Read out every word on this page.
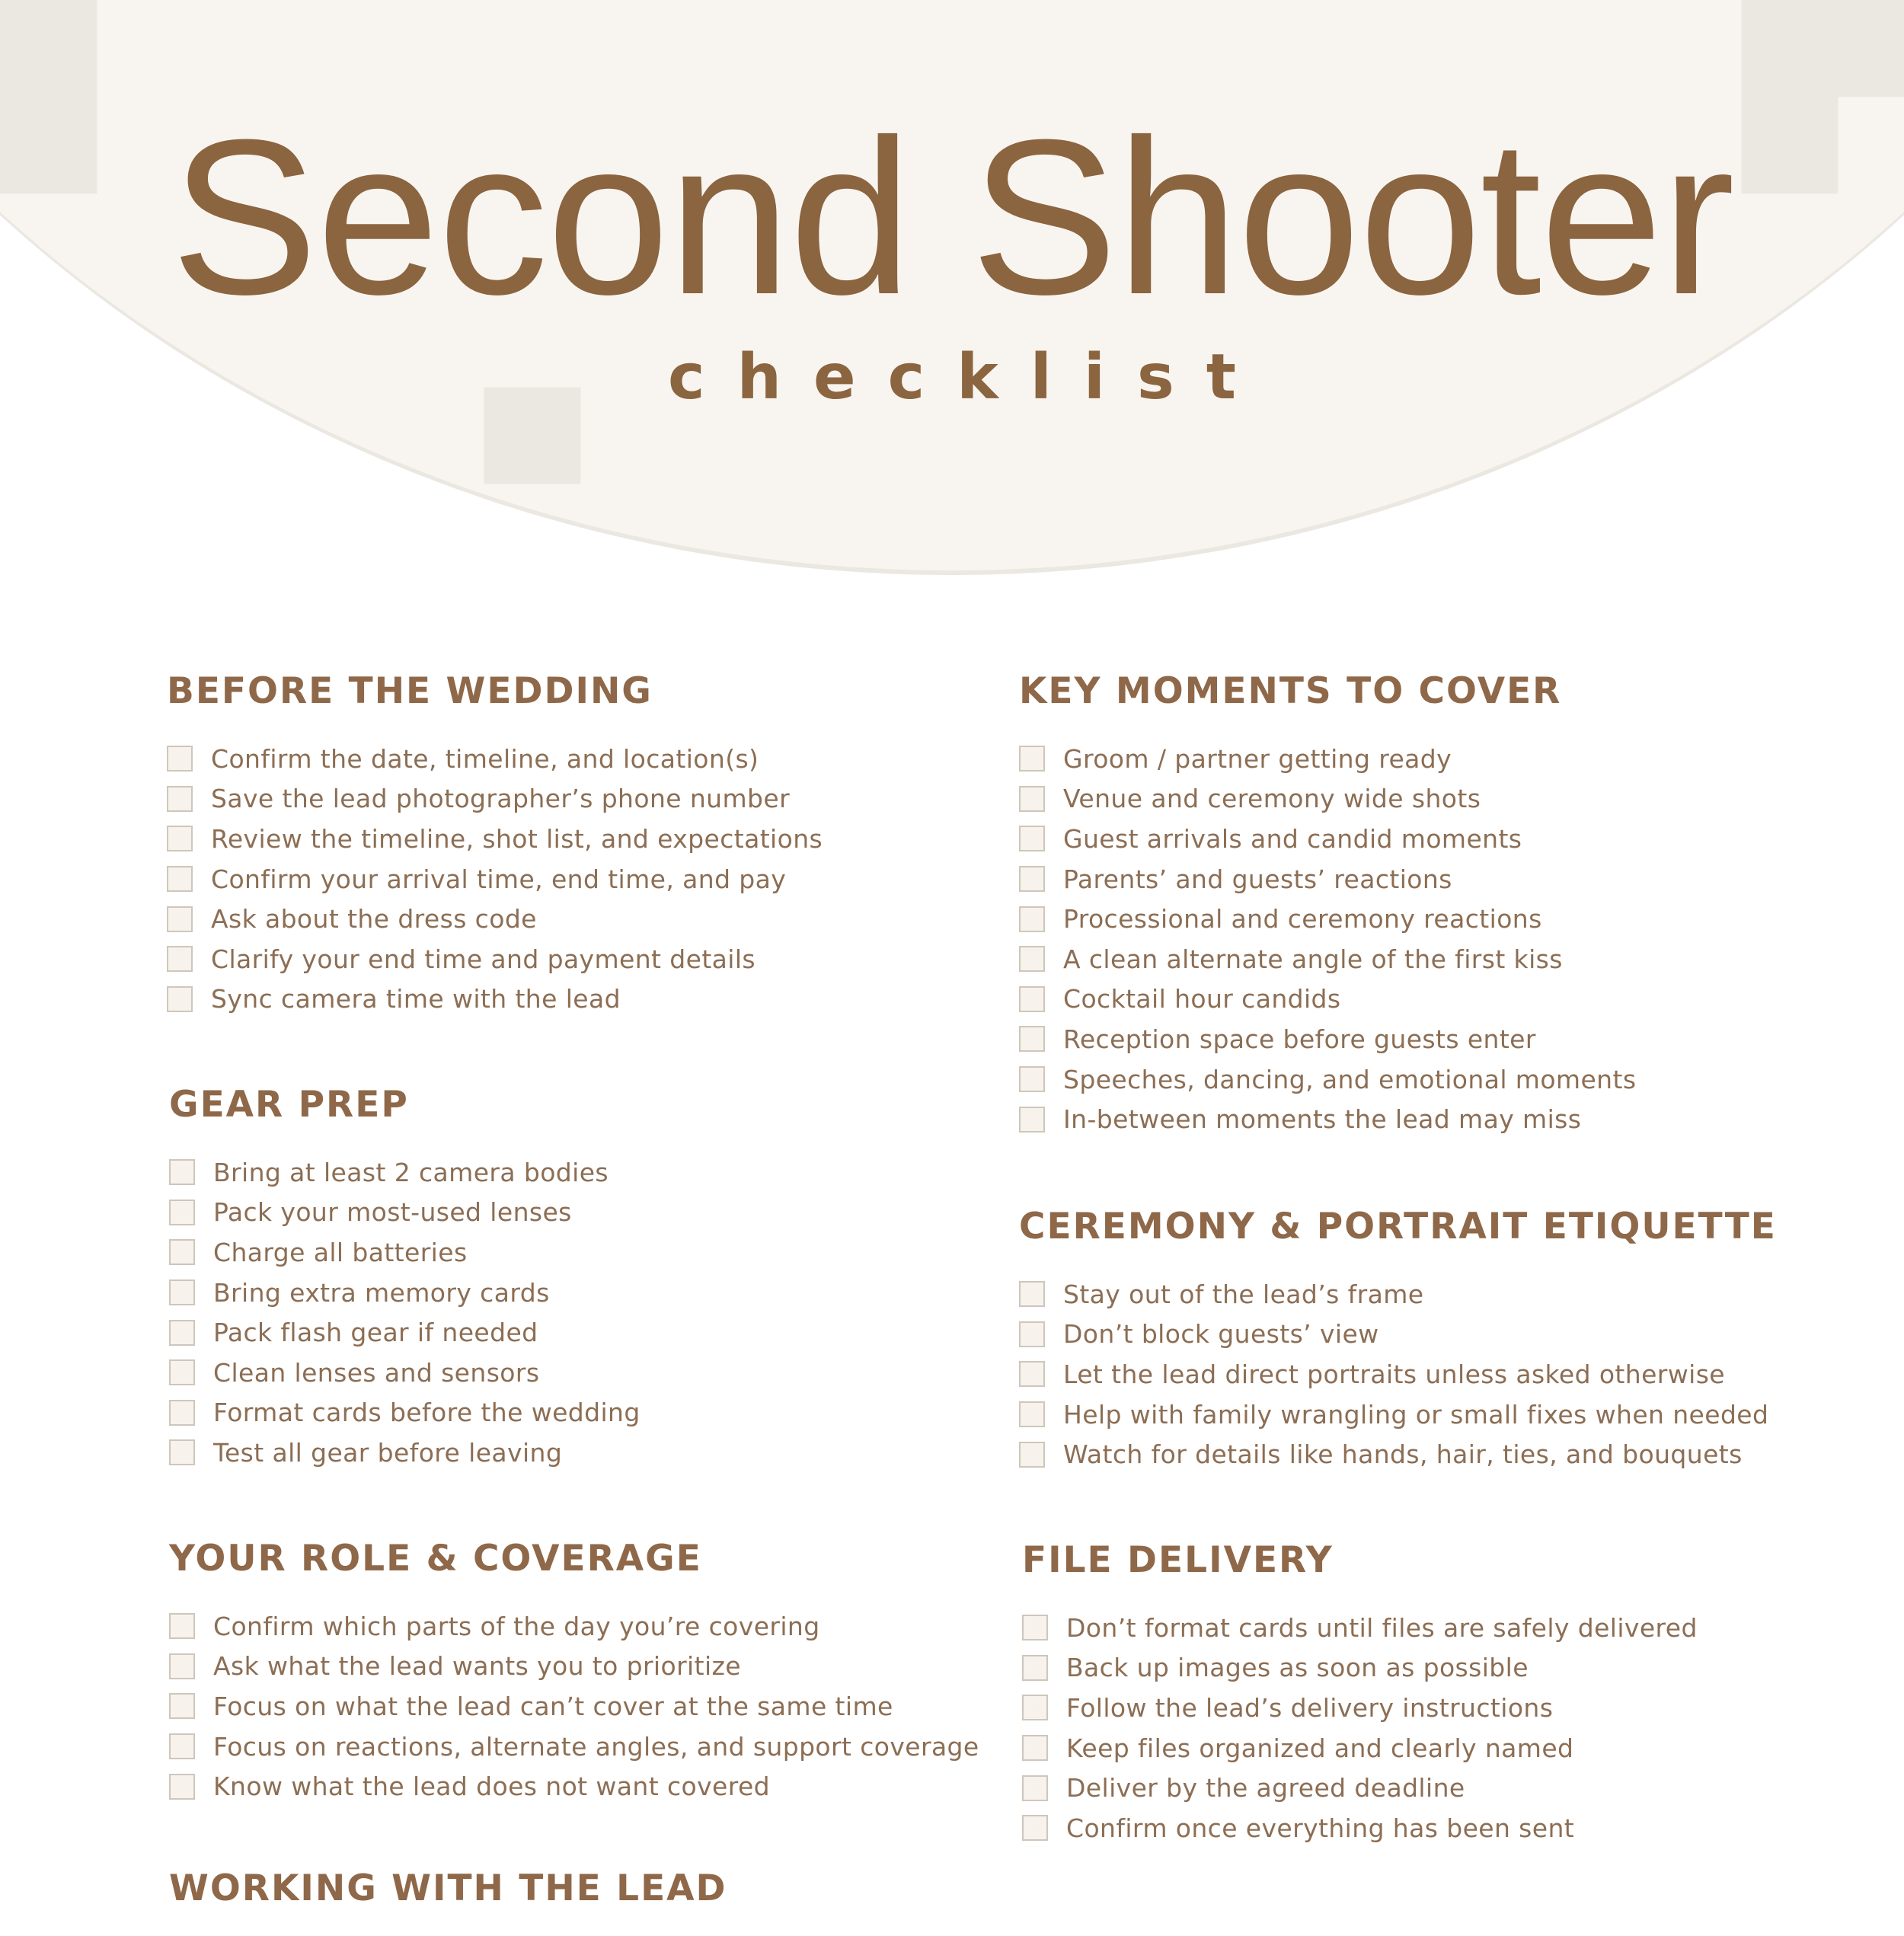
Second Shooter
checklist
BEFORE THE WEDDING
Confirm the date, timeline, and location(s)
Save the lead photographer’s phone number
Review the timeline, shot list, and expectations
Confirm your arrival time, end time, and pay
Ask about the dress code
Clarify your end time and payment details
Sync camera time with the lead
GEAR PREP
Bring at least 2 camera bodies
Pack your most-used lenses
Charge all batteries
Bring extra memory cards
Pack flash gear if needed
Clean lenses and sensors
Format cards before the wedding
Test all gear before leaving
YOUR ROLE & COVERAGE
Confirm which parts of the day you’re covering
Ask what the lead wants you to prioritize
Focus on what the lead can’t cover at the same time
Focus on reactions, alternate angles, and support coverage
Know what the lead does not want covered
WORKING WITH THE LEAD
KEY MOMENTS TO COVER
Groom / partner getting ready
Venue and ceremony wide shots
Guest arrivals and candid moments
Parents’ and guests’ reactions
Processional and ceremony reactions
A clean alternate angle of the first kiss
Cocktail hour candids
Reception space before guests enter
Speeches, dancing, and emotional moments
In-between moments the lead may miss
CEREMONY & PORTRAIT ETIQUETTE
Stay out of the lead’s frame
Don’t block guests’ view
Let the lead direct portraits unless asked otherwise
Help with family wrangling or small fixes when needed
Watch for details like hands, hair, ties, and bouquets
FILE DELIVERY
Don’t format cards until files are safely delivered
Back up images as soon as possible
Follow the lead’s delivery instructions
Keep files organized and clearly named
Deliver by the agreed deadline
Confirm once everything has been sent
